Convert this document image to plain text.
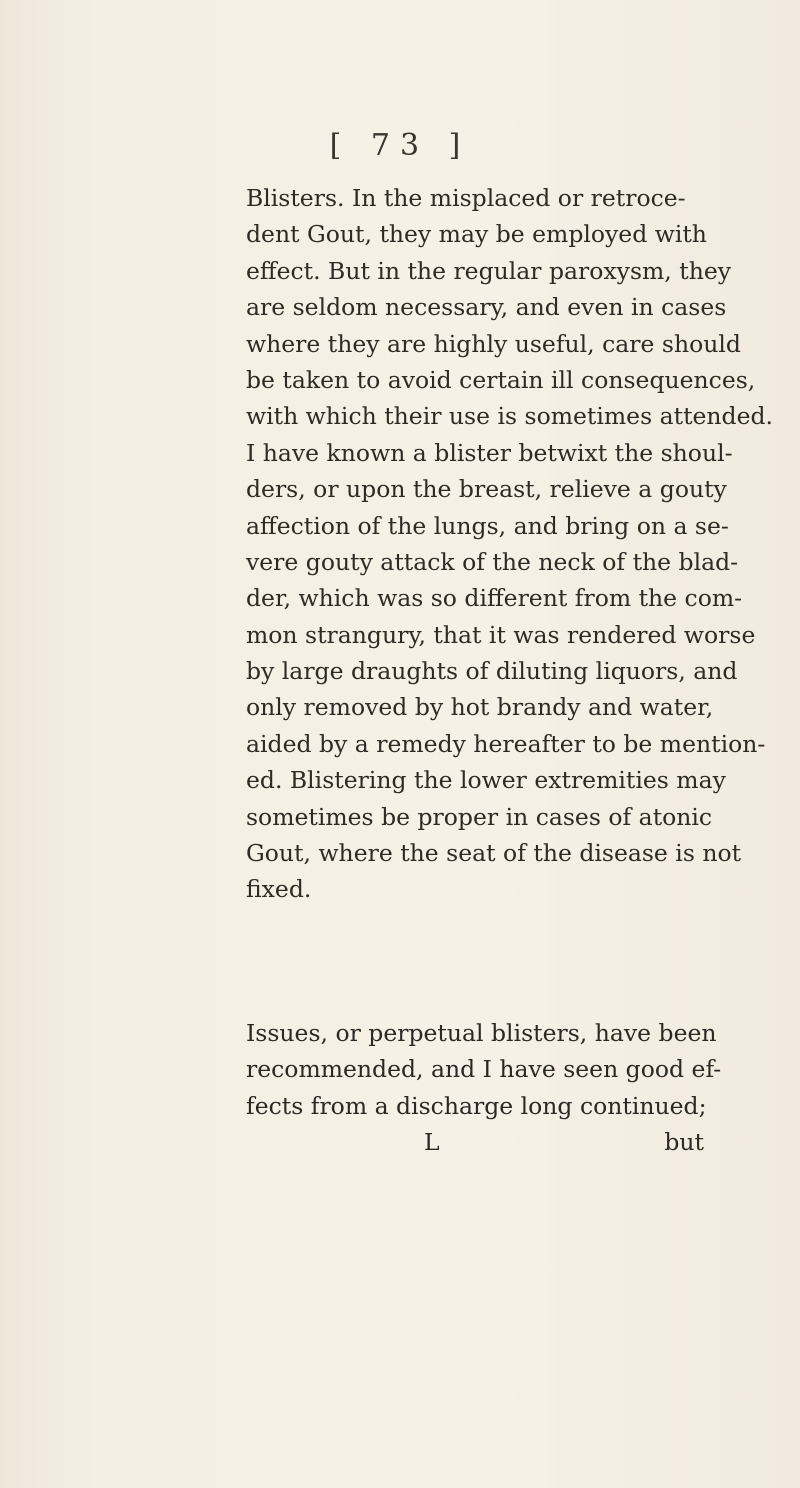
[ 73 ]
Blisters. In the misplaced or retroce-
dent Gout, they may be employed with
effect. But in the regular paroxysm, they
are seldom necessary, and even in cases
where they are highly useful, care should
be taken to avoid certain ill consequences,
with which their use is sometimes attended.
I have known a blister betwixt the shoul-
ders, or upon the breast, relieve a gouty
affection of the lungs, and bring on a se-
vere gouty attack of the neck of the blad-
der, which was so different from the com-
mon strangury, that it was rendered worse
by large draughts of diluting liquors, and
only removed by hot brandy and water,
aided by a remedy hereafter to be mention-
ed. Blistering the lower extremities may
sometimes be proper in cases of atonic
Gout, where the seat of the disease is not
fixed.
Issues, or perpetual blisters, have been
recommended, and I have seen good ef-
fects from a discharge long continued;
L	but
